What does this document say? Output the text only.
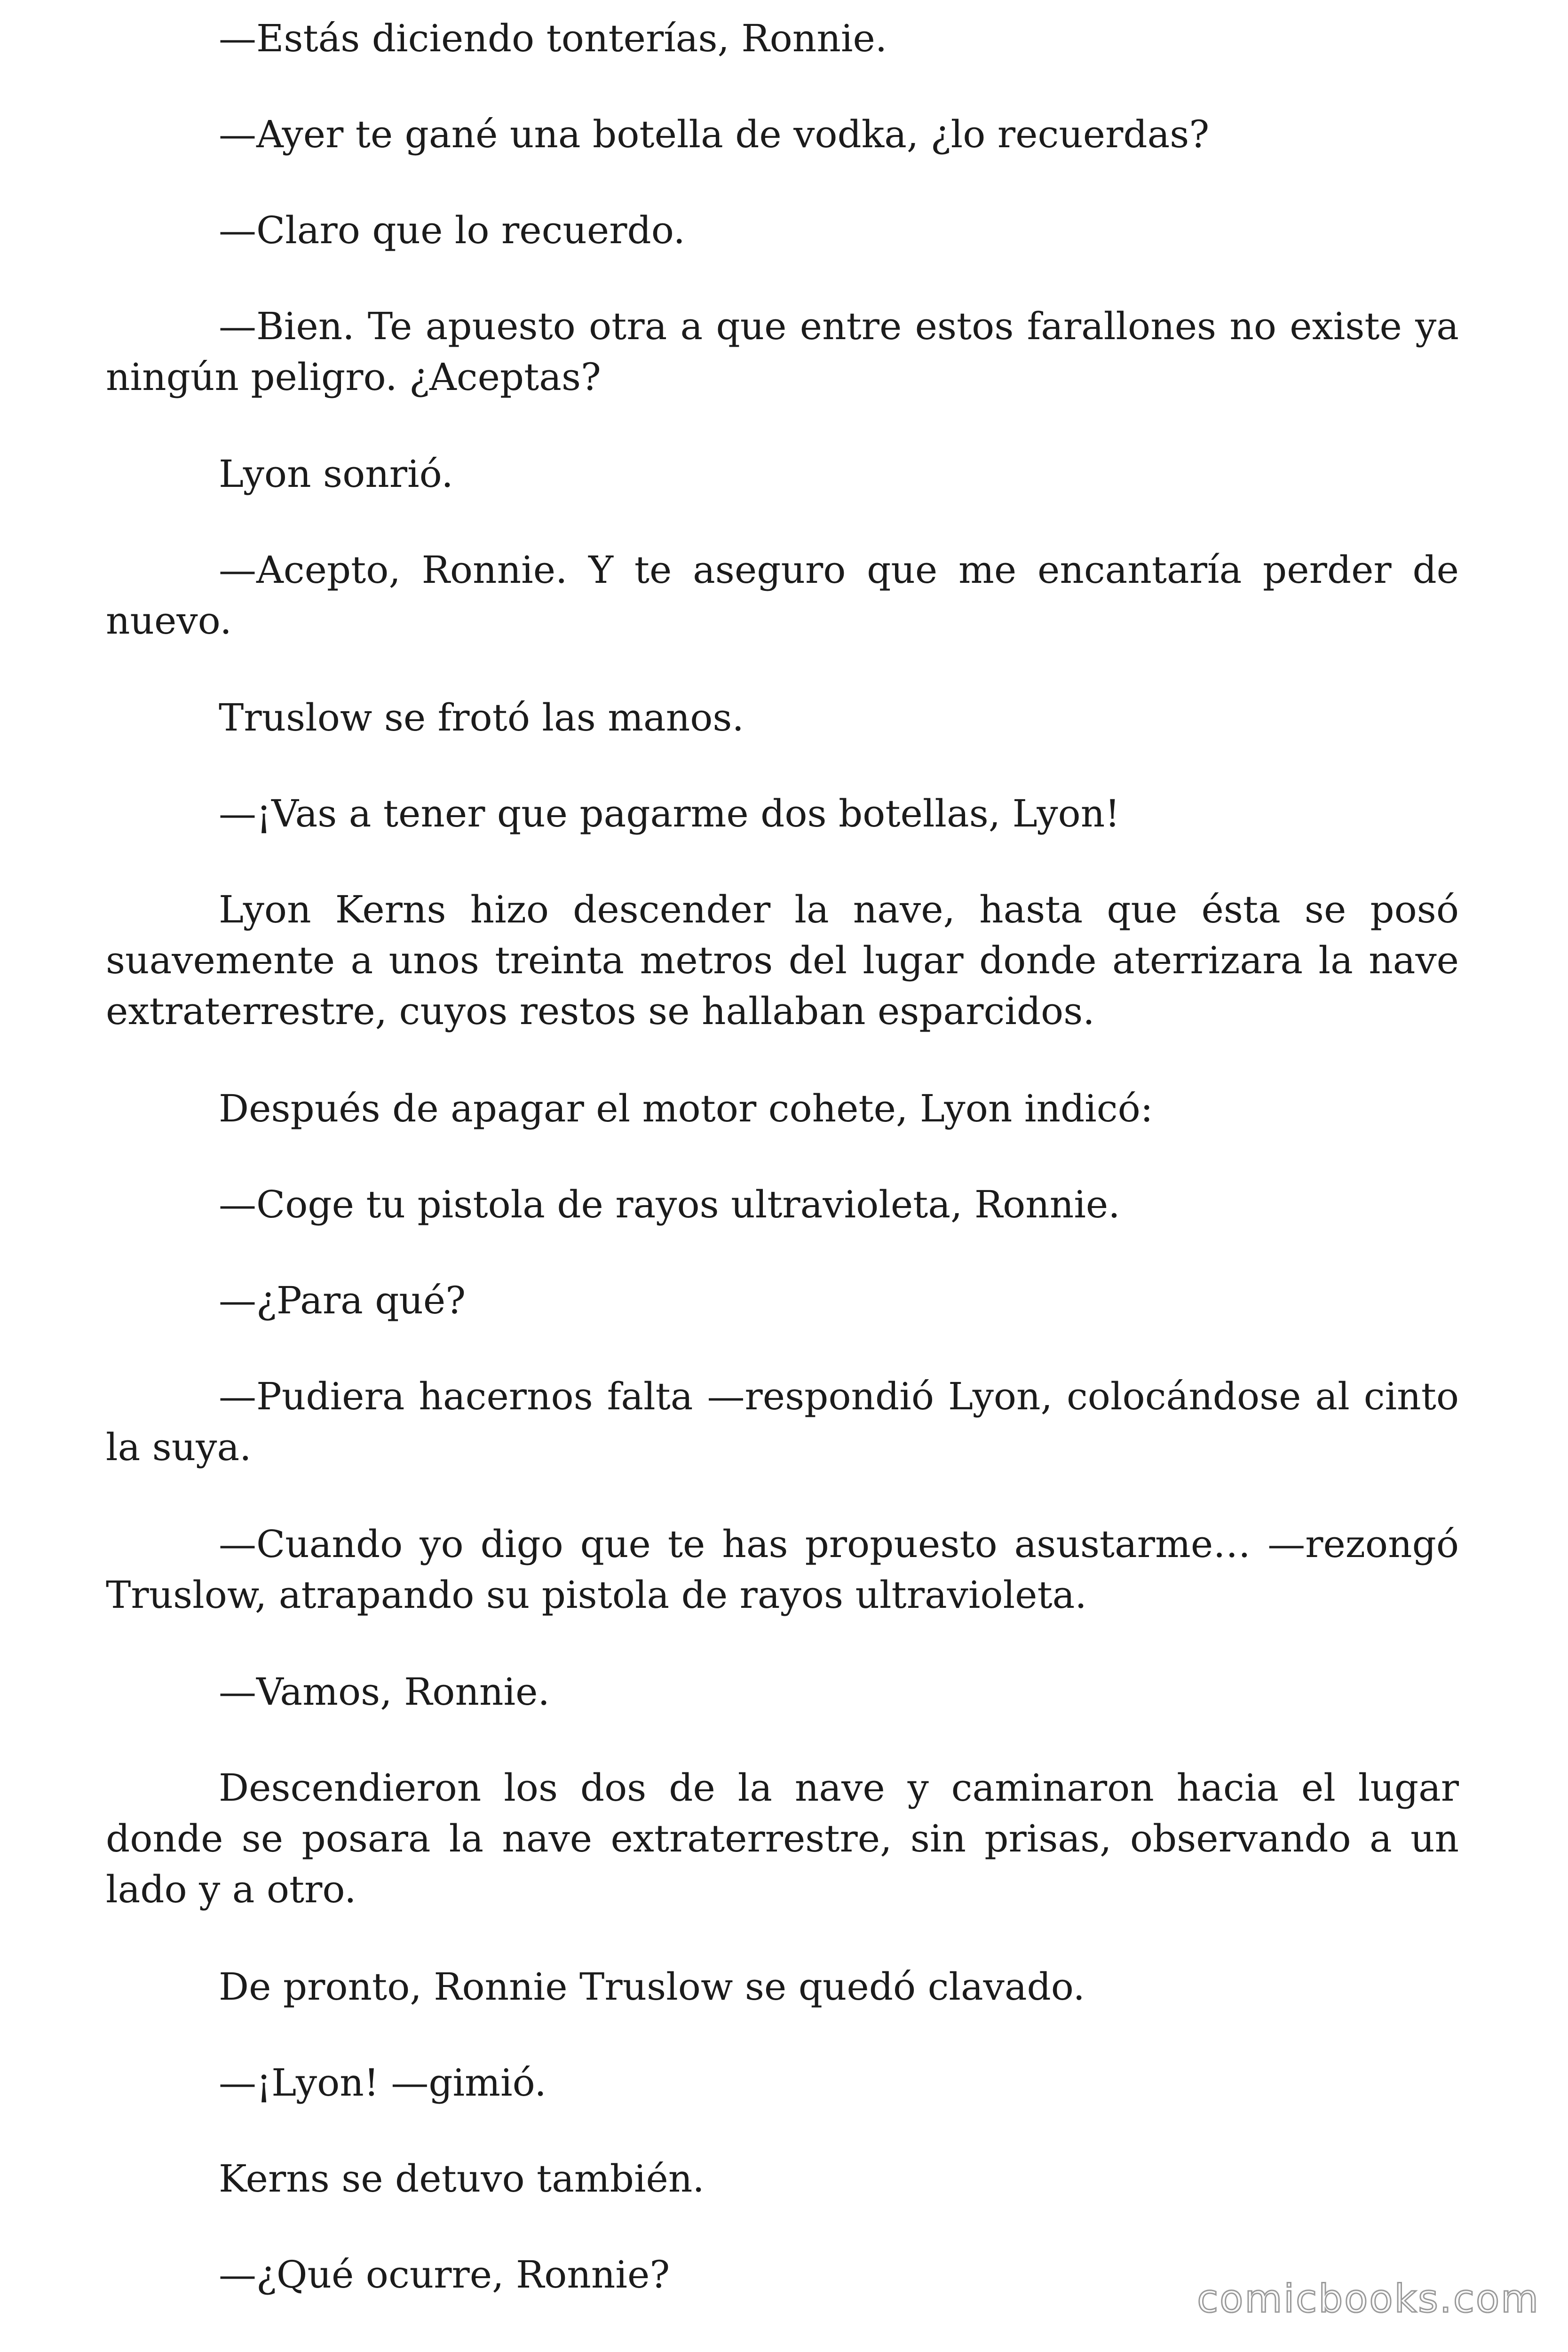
—Estás diciendo tonterías, Ronnie.

—Ayer te gané una botella de vodka, ¿lo recuerdas?

—Claro que lo recuerdo.

—Bien. Te apuesto otra a que entre estos farallones no existe ya ningún peligro. ¿Aceptas?

Lyon sonrió.

—Acepto, Ronnie. Y te aseguro que me encantaría perder de nuevo.

Truslow se frotó las manos.

—¡Vas a tener que pagarme dos botellas, Lyon!

Lyon Kerns hizo descender la nave, hasta que ésta se posó suavemente a unos treinta metros del lugar donde aterrizara la nave extraterrestre, cuyos restos se hallaban esparcidos.

Después de apagar el motor cohete, Lyon indicó:

—Coge tu pistola de rayos ultravioleta, Ronnie.

—¿Para qué?

—Pudiera hacernos falta —respondió Lyon, colocándose al cinto la suya.

—Cuando yo digo que te has propuesto asustarme… —rezongó Truslow, atrapando su pistola de rayos ultravioleta.

—Vamos, Ronnie.

Descendieron los dos de la nave y caminaron hacia el lugar donde se posara la nave extraterrestre, sin prisas, observando a un lado y a otro.

De pronto, Ronnie Truslow se quedó clavado.

—¡Lyon! —gimió.

Kerns se detuvo también.

—¿Qué ocurre, Ronnie?

comicbooks.com
